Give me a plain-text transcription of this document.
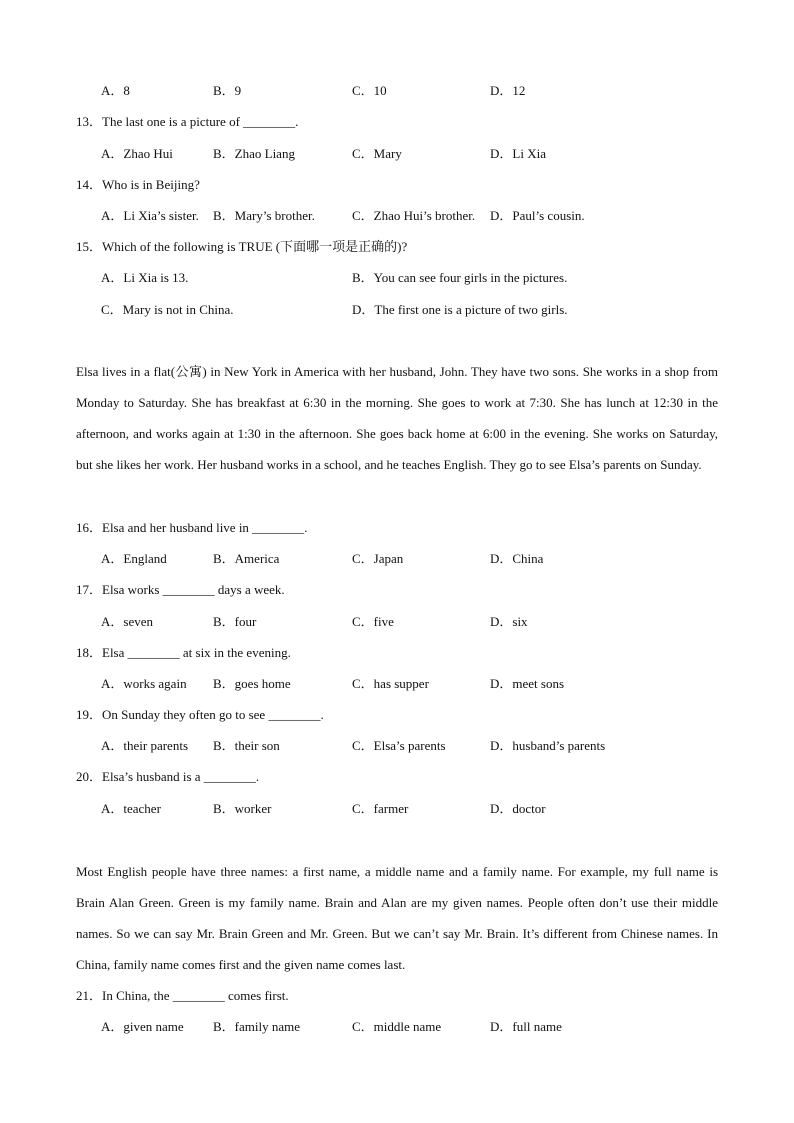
A．8	B．9	C．10	D．12
13．The last one is a picture of ________.
A．Zhao Hui	B．Zhao Liang	C．Mary	D．Li Xia
14．Who is in Beijing?
A．Li Xia’s sister. B．Mary’s brother.	C．Zhao Hui’s brother. D．Paul’s cousin.
15．Which of the following is TRUE (下面哪一项是正确的)?
A．Li Xia is 13.	B．You can see four girls in the pictures.
C．Mary is not in China.	D．The first one is a picture of two girls.
Elsa lives in a flat(公寓) in New York in America with her husband, John. They have two sons. She works in a shop from Monday to Saturday. She has breakfast at 6:30 in the morning. She goes to work at 7:30. She has lunch at 12:30 in the afternoon, and works again at 1:30 in the afternoon. She goes back home at 6:00 in the evening. She works on Saturday, but she likes her work. Her husband works in a school, and he teaches English. They go to see Elsa’s parents on Sunday.
16．Elsa and her husband live in ________.
A．England	B．America	C．Japan	D．China
17．Elsa works ________ days a week.
A．seven	B．four	C．five	D．six
18．Elsa ________ at six in the evening.
A．works again B．goes home	C．has supper	D．meet sons
19．On Sunday they often go to see ________.
A．their parents B．their son	C．Elsa’s parents	D．husband’s parents
20．Elsa’s husband is a ________.
A．teacher	B．worker	C．farmer	D．doctor
Most English people have three names: a first name, a middle name and a family name. For example, my full name is Brain Alan Green. Green is my family name. Brain and Alan are my given names. People often don’t use their middle names. So we can say Mr. Brain Green and Mr. Green. But we can’t say Mr. Brain. It’s different from Chinese names. In China, family name comes first and the given name comes last.
21．In China, the ________ comes first.
A．given name B．family name	C．middle name	D．full name
